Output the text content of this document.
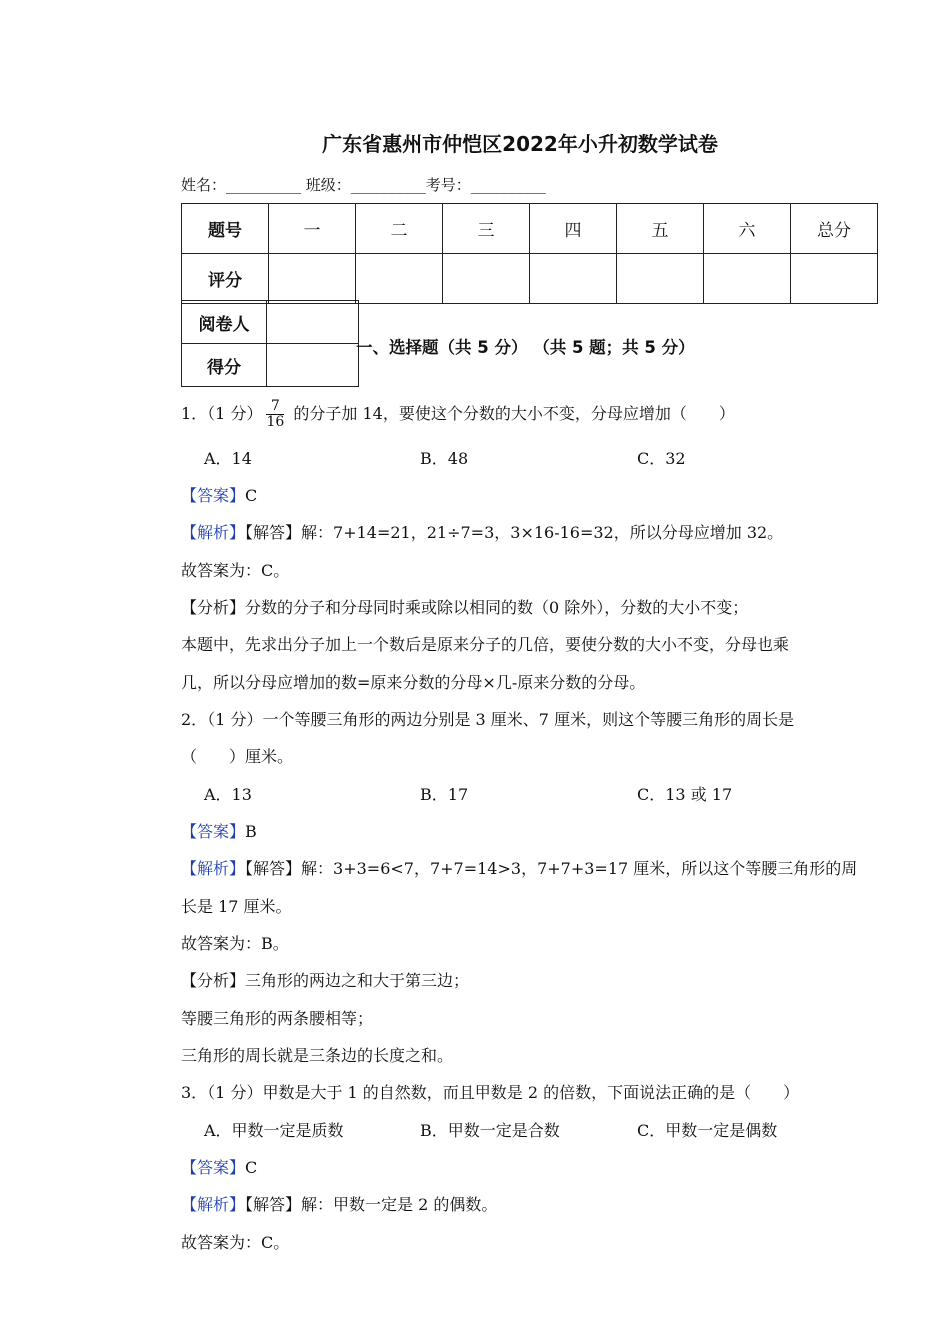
广东省惠州市仲恺区2022年小升初数学试卷
姓名：__________ 班级：__________考号：__________
题号	一	二	三	四	五	六	总分
评分							
阅卷人	
得分	
一、选择题（共 5 分） （共 5 题；共 5 分）
1．（1 分） $\frac{7}{16}$ 的分子加 14，要使这个分数的大小不变，分母应增加（　　）
A．14	B．48	C．32
【答案】C
【解析】【解答】解：7+14=21，21÷7=3，3×16-16=32，所以分母应增加 32。
故答案为：C。
【分析】分数的分子和分母同时乘或除以相同的数（0 除外），分数的大小不变；
本题中，先求出分子加上一个数后是原来分子的几倍，要使分数的大小不变，分母也乘
几，所以分母应增加的数=原来分数的分母×几-原来分数的分母。
2．（1 分）一个等腰三角形的两边分别是 3 厘米、7 厘米，则这个等腰三角形的周长是
（　　）厘米。
A．13	B．17	C．13 或 17
【答案】B
【解析】【解答】解：3+3=6<7，7+7=14>3，7+7+3=17 厘米，所以这个等腰三角形的周
长是 17 厘米。
故答案为：B。
【分析】三角形的两边之和大于第三边；
等腰三角形的两条腰相等；
三角形的周长就是三条边的长度之和。
3．（1 分）甲数是大于 1 的自然数，而且甲数是 2 的倍数，下面说法正确的是（　　）
A．甲数一定是质数	B．甲数一定是合数	C．甲数一定是偶数
【答案】C
【解析】【解答】解：甲数一定是 2 的偶数。
故答案为：C。
